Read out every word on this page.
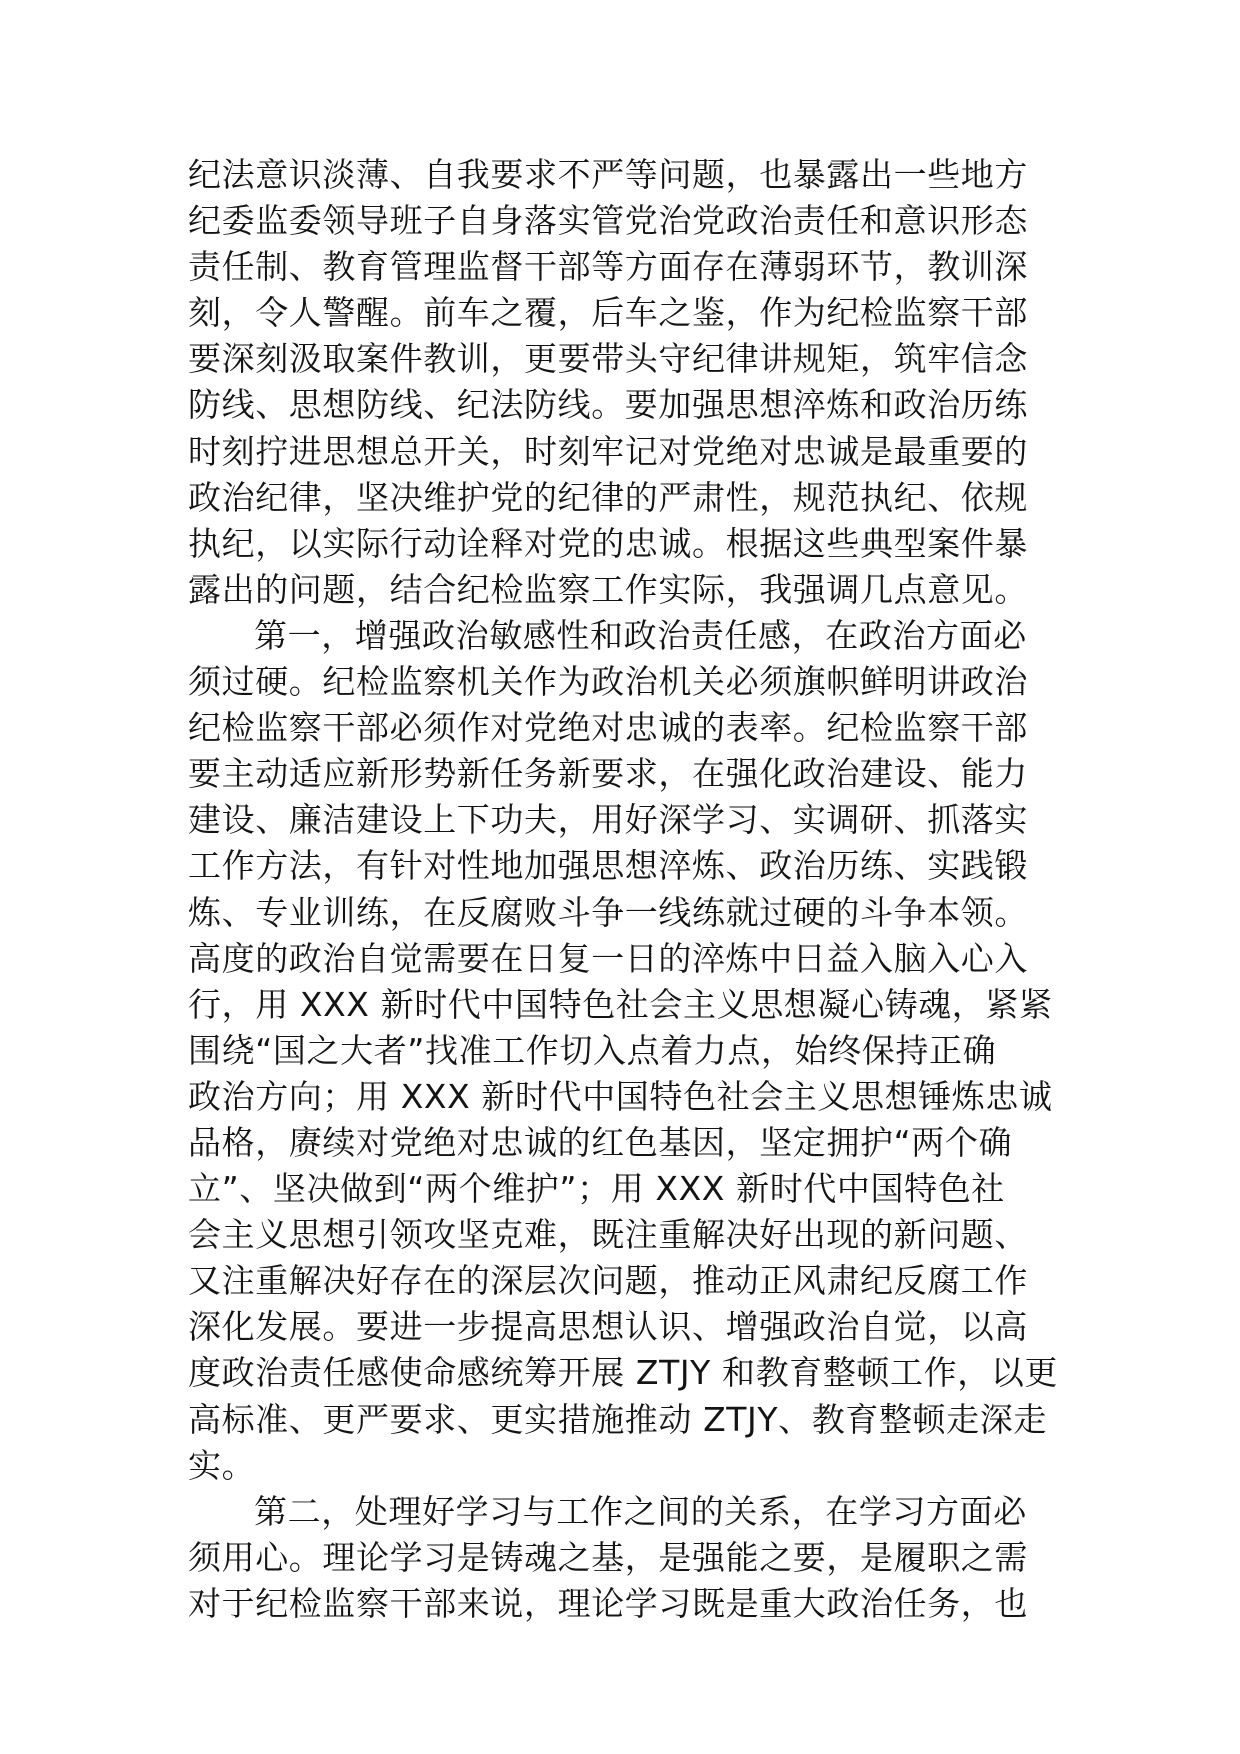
纪法意识淡薄、自我要求不严等问题，也暴露出一些地方
纪委监委领导班子自身落实管党治党政治责任和意识形态
责任制、教育管理监督干部等方面存在薄弱环节，教训深
刻，令人警醒。前车之覆，后车之鉴，作为纪检监察干部
要深刻汲取案件教训，更要带头守纪律讲规矩，筑牢信念
防线、思想防线、纪法防线。要加强思想淬炼和政治历练
时刻拧进思想总开关，时刻牢记对党绝对忠诚是最重要的
政治纪律，坚决维护党的纪律的严肃性，规范执纪、依规
执纪，以实际行动诠释对党的忠诚。根据这些典型案件暴
露出的问题，结合纪检监察工作实际，我强调几点意见。
第一，增强政治敏感性和政治责任感，在政治方面必
须过硬。纪检监察机关作为政治机关必须旗帜鲜明讲政治
纪检监察干部必须作对党绝对忠诚的表率。纪检监察干部
要主动适应新形势新任务新要求，在强化政治建设、能力
建设、廉洁建设上下功夫，用好深学习、实调研、抓落实
工作方法，有针对性地加强思想淬炼、政治历练、实践锻
炼、专业训练，在反腐败斗争一线练就过硬的斗争本领。
高度的政治自觉需要在日复一日的淬炼中日益入脑入心入
行，用 XXX 新时代中国特色社会主义思想凝心铸魂，紧紧
围绕“国之大者”找准工作切入点着力点，始终保持正确
政治方向；用 XXX 新时代中国特色社会主义思想锤炼忠诚
品格，赓续对党绝对忠诚的红色基因，坚定拥护“两个确
立”、坚决做到“两个维护”；用 XXX 新时代中国特色社
会主义思想引领攻坚克难，既注重解决好出现的新问题、
又注重解决好存在的深层次问题，推动正风肃纪反腐工作
深化发展。要进一步提高思想认识、增强政治自觉，以高
度政治责任感使命感统筹开展 ZTJY 和教育整顿工作，以更
高标准、更严要求、更实措施推动 ZTJY、教育整顿走深走
实。
第二，处理好学习与工作之间的关系，在学习方面必
须用心。理论学习是铸魂之基，是强能之要，是履职之需
对于纪检监察干部来说，理论学习既是重大政治任务，也
